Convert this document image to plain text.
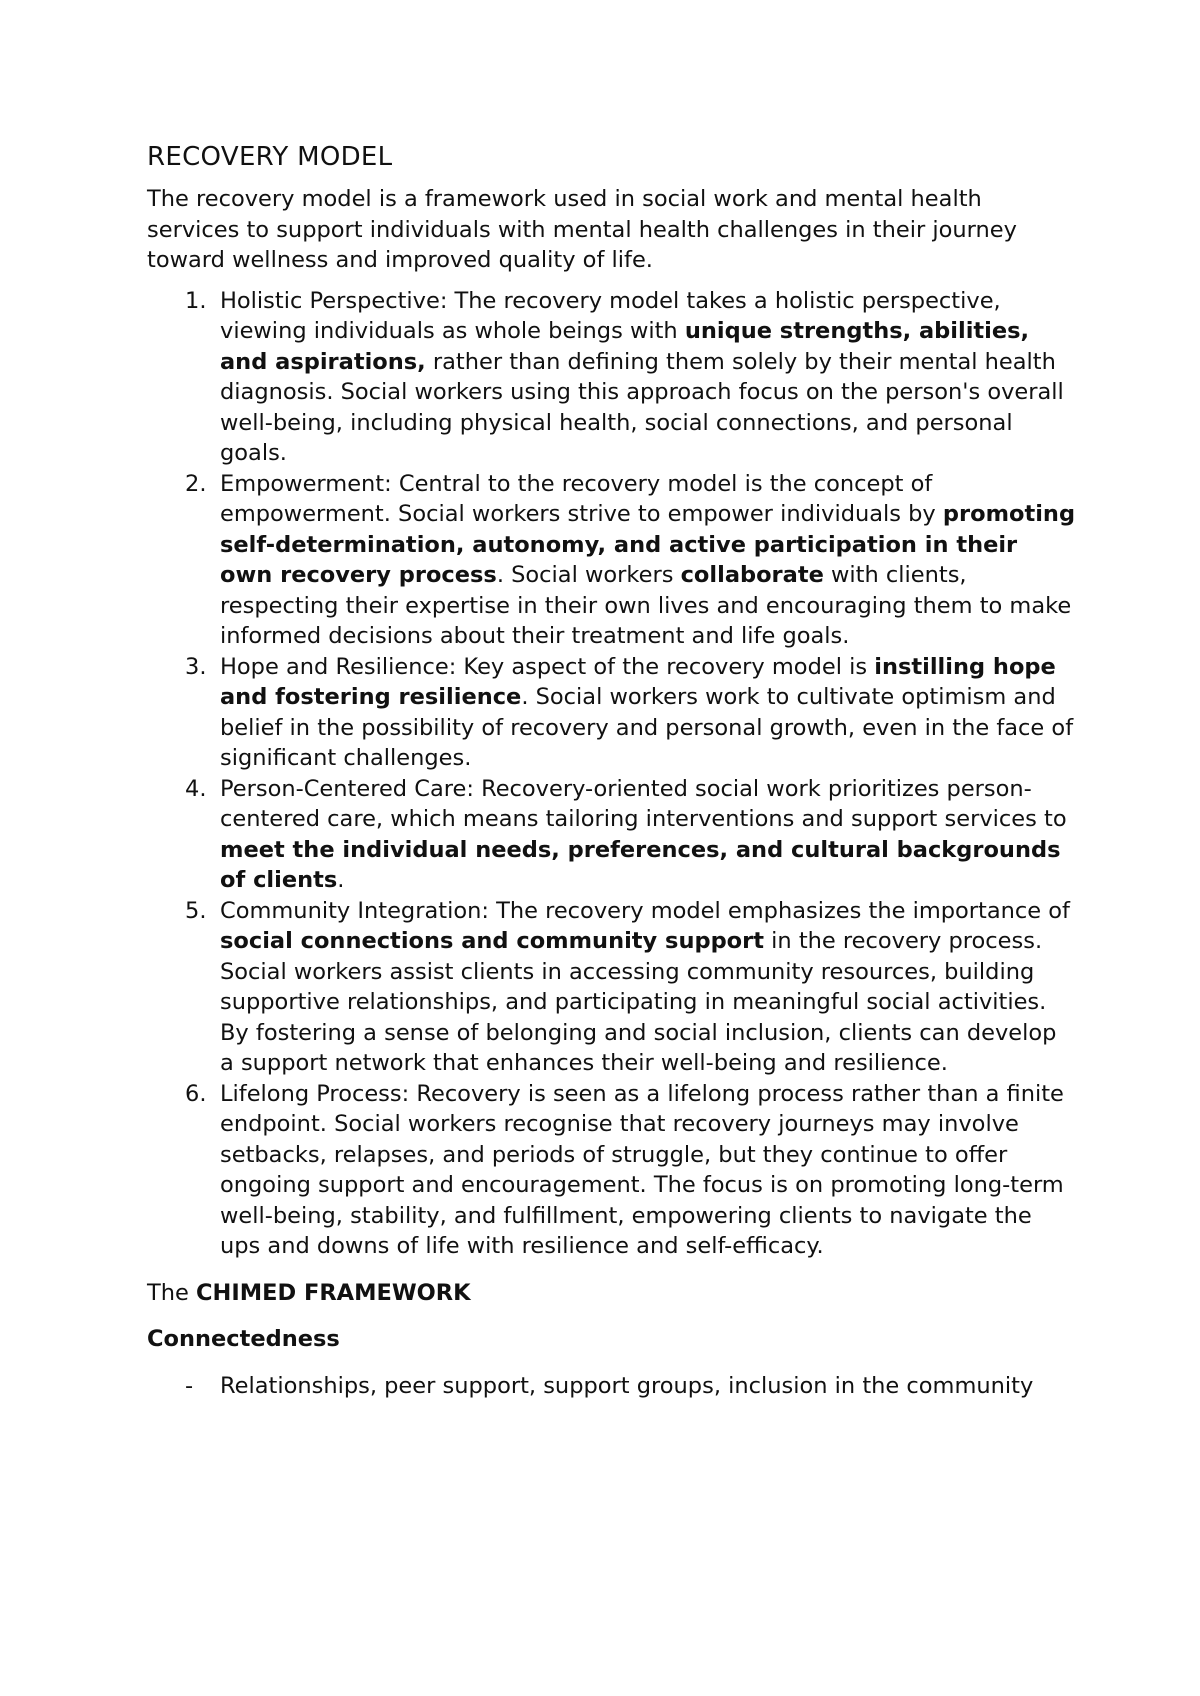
RECOVERY MODEL

The recovery model is a framework used in social work and mental health services to support individuals with mental health challenges in their journey toward wellness and improved quality of life.

1. Holistic Perspective: The recovery model takes a holistic perspective, viewing individuals as whole beings with unique strengths, abilities, and aspirations, rather than defining them solely by their mental health diagnosis. Social workers using this approach focus on the person's overall well-being, including physical health, social connections, and personal goals.
2. Empowerment: Central to the recovery model is the concept of empowerment. Social workers strive to empower individuals by promoting self-determination, autonomy, and active participation in their own recovery process. Social workers collaborate with clients, respecting their expertise in their own lives and encouraging them to make informed decisions about their treatment and life goals.
3. Hope and Resilience: Key aspect of the recovery model is instilling hope and fostering resilience. Social workers work to cultivate optimism and belief in the possibility of recovery and personal growth, even in the face of significant challenges.
4. Person-Centered Care: Recovery-oriented social work prioritizes person-centered care, which means tailoring interventions and support services to meet the individual needs, preferences, and cultural backgrounds of clients.
5. Community Integration: The recovery model emphasizes the importance of social connections and community support in the recovery process. Social workers assist clients in accessing community resources, building supportive relationships, and participating in meaningful social activities. By fostering a sense of belonging and social inclusion, clients can develop a support network that enhances their well-being and resilience.
6. Lifelong Process: Recovery is seen as a lifelong process rather than a finite endpoint. Social workers recognise that recovery journeys may involve setbacks, relapses, and periods of struggle, but they continue to offer ongoing support and encouragement. The focus is on promoting long-term well-being, stability, and fulfillment, empowering clients to navigate the ups and downs of life with resilience and self-efficacy.

The CHIMED FRAMEWORK

Connectedness

- Relationships, peer support, support groups, inclusion in the community
